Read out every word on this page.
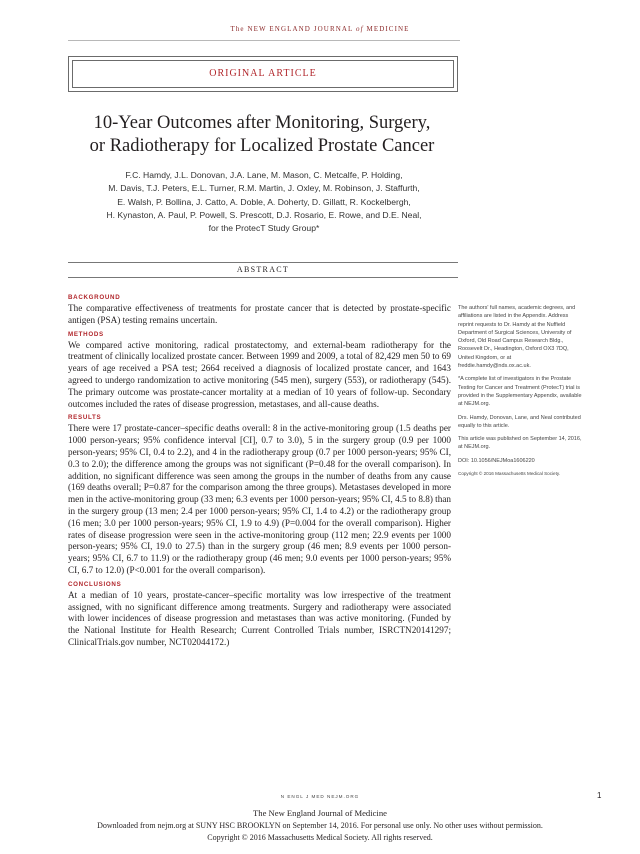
The NEW ENGLAND JOURNAL of MEDICINE
ORIGINAL ARTICLE
10-Year Outcomes after Monitoring, Surgery,
or Radiotherapy for Localized Prostate Cancer
F.C. Hamdy, J.L. Donovan, J.A. Lane, M. Mason, C. Metcalfe, P. Holding,
M. Davis, T.J. Peters, E.L. Turner, R.M. Martin, J. Oxley, M. Robinson, J. Staffurth,
E. Walsh, P. Bollina, J. Catto, A. Doble, A. Doherty, D. Gillatt, R. Kockelbergh,
H. Kynaston, A. Paul, P. Powell, S. Prescott, D.J. Rosario, E. Rowe, and D.E. Neal,
for the ProtecT Study Group*
ABSTRACT
BACKGROUND

The comparative effectiveness of treatments for prostate cancer that is detected by prostate-specific antigen (PSA) testing remains uncertain.

METHODS

We compared active monitoring, radical prostatectomy, and external-beam radiotherapy for the treatment of clinically localized prostate cancer. Between 1999 and 2009, a total of 82,429 men 50 to 69 years of age received a PSA test; 2664 received a diagnosis of localized prostate cancer, and 1643 agreed to undergo randomization to active monitoring (545 men), surgery (553), or radiotherapy (545). The primary outcome was prostate-cancer mortality at a median of 10 years of follow-up. Secondary outcomes included the rates of disease progression, metastases, and all-cause deaths.

RESULTS

There were 17 prostate-cancer–specific deaths overall: 8 in the active-monitoring group (1.5 deaths per 1000 person-years; 95% confidence interval [CI], 0.7 to 3.0), 5 in the surgery group (0.9 per 1000 person-years; 95% CI, 0.4 to 2.2), and 4 in the radiotherapy group (0.7 per 1000 person-years; 95% CI, 0.3 to 2.0); the difference among the groups was not significant (P=0.48 for the overall comparison). In addition, no significant difference was seen among the groups in the number of deaths from any cause (169 deaths overall; P=0.87 for the comparison among the three groups). Metastases developed in more men in the active-monitoring group (33 men; 6.3 events per 1000 person-years; 95% CI, 4.5 to 8.8) than in the surgery group (13 men; 2.4 per 1000 person-years; 95% CI, 1.4 to 4.2) or the radiotherapy group (16 men; 3.0 per 1000 person-years; 95% CI, 1.9 to 4.9) (P=0.004 for the overall comparison). Higher rates of disease progression were seen in the active-monitoring group (112 men; 22.9 events per 1000 person-years; 95% CI, 19.0 to 27.5) than in the surgery group (46 men; 8.9 events per 1000 person-years; 95% CI, 6.7 to 11.9) or the radiotherapy group (46 men; 9.0 events per 1000 person-years; 95% CI, 6.7 to 12.0) (P<0.001 for the overall comparison).

CONCLUSIONS

At a median of 10 years, prostate-cancer–specific mortality was low irrespective of the treatment assigned, with no significant difference among treatments. Surgery and radiotherapy were associated with lower incidences of disease progression and metastases than was active monitoring. (Funded by the National Institute for Health Research; Current Controlled Trials number, ISRCTN20141297; ClinicalTrials.gov number, NCT02044172.)

The authors' full names, academic degrees, and affiliations are listed in the Appendix. Address reprint requests to Dr. Hamdy at the Nuffield Department of Surgical Sciences, University of Oxford, Old Road Campus Research Bldg., Roosevelt Dr., Headington, Oxford OX3 7DQ, United Kingdom, or at freddie.hamdy@nds.ox.ac.uk.

*A complete list of investigators in the Prostate Testing for Cancer and Treatment (ProtecT) trial is provided in the Supplementary Appendix, available at NEJM.org.

Drs. Hamdy, Donovan, Lane, and Neal contributed equally to this article.

This article was published on September 14, 2016, at NEJM.org.

DOI: 10.1056/NEJMoa1606220

Copyright © 2016 Massachusetts Medical Society.

N ENGL J MED NEJM.ORG	1
The New England Journal of Medicine
Downloaded from nejm.org at SUNY HSC BROOKLYN on September 14, 2016. For personal use only. No other uses without permission.
Copyright © 2016 Massachusetts Medical Society. All rights reserved.
